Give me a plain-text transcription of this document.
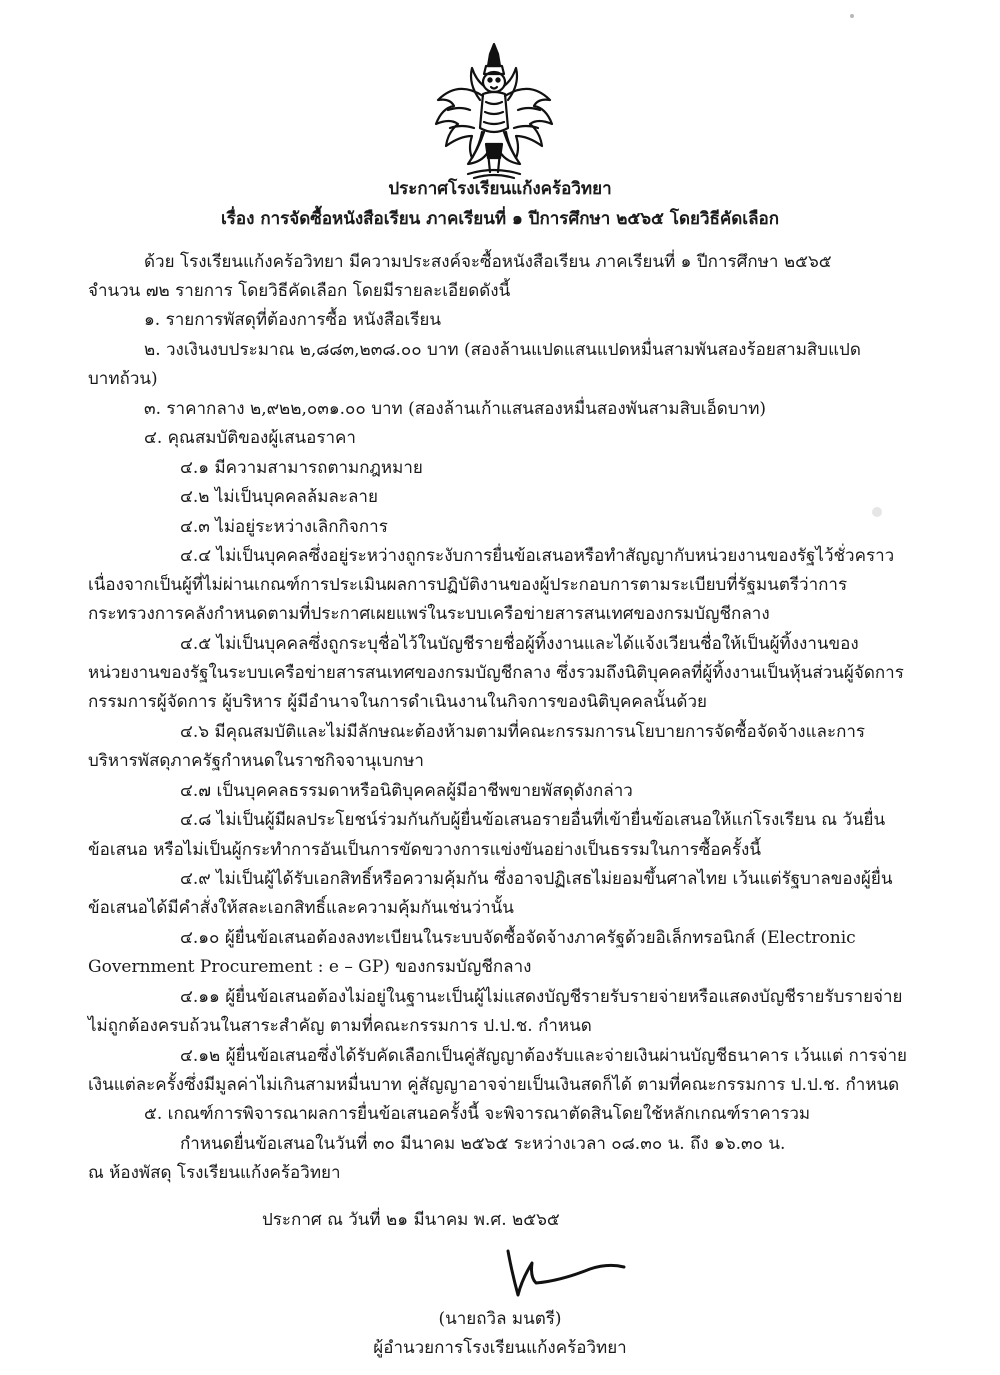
ประกาศโรงเรียนแก้งคร้อวิทยา
เรื่อง การจัดซื้อหนังสือเรียน ภาคเรียนที่ ๑ ปีการศึกษา ๒๕๖๕ โดยวิธีคัดเลือก
ด้วย โรงเรียนแก้งคร้อวิทยา มีความประสงค์จะซื้อหนังสือเรียน ภาคเรียนที่ ๑ ปีการศึกษา ๒๕๖๕
จำนวน ๗๒ รายการ โดยวิธีคัดเลือก โดยมีรายละเอียดดังนี้
๑. รายการพัสดุที่ต้องการซื้อ หนังสือเรียน
๒. วงเงินงบประมาณ ๒,๘๘๓,๒๓๘.๐๐ บาท (สองล้านแปดแสนแปดหมื่นสามพันสองร้อยสามสิบแปด
บาทถ้วน)
๓. ราคากลาง ๒,๙๒๒,๐๓๑.๐๐ บาท (สองล้านเก้าแสนสองหมื่นสองพันสามสิบเอ็ดบาท)
๔. คุณสมบัติของผู้เสนอราคา
๔.๑ มีความสามารถตามกฎหมาย
๔.๒ ไม่เป็นบุคคลล้มละลาย
๔.๓ ไม่อยู่ระหว่างเลิกกิจการ
๔.๔ ไม่เป็นบุคคลซึ่งอยู่ระหว่างถูกระงับการยื่นข้อเสนอหรือทำสัญญากับหน่วยงานของรัฐไว้ชั่วคราว
เนื่องจากเป็นผู้ที่ไม่ผ่านเกณฑ์การประเมินผลการปฏิบัติงานของผู้ประกอบการตามระเบียบที่รัฐมนตรีว่าการ
กระทรวงการคลังกำหนดตามที่ประกาศเผยแพร่ในระบบเครือข่ายสารสนเทศของกรมบัญชีกลาง
๔.๕ ไม่เป็นบุคคลซึ่งถูกระบุชื่อไว้ในบัญชีรายชื่อผู้ทิ้งงานและได้แจ้งเวียนชื่อให้เป็นผู้ทิ้งงานของ
หน่วยงานของรัฐในระบบเครือข่ายสารสนเทศของกรมบัญชีกลาง ซึ่งรวมถึงนิติบุคคลที่ผู้ทิ้งงานเป็นหุ้นส่วนผู้จัดการ
กรรมการผู้จัดการ ผู้บริหาร ผู้มีอำนาจในการดำเนินงานในกิจการของนิติบุคคลนั้นด้วย
๔.๖ มีคุณสมบัติและไม่มีลักษณะต้องห้ามตามที่คณะกรรมการนโยบายการจัดซื้อจัดจ้างและการ
บริหารพัสดุภาครัฐกำหนดในราชกิจจานุเบกษา
๔.๗ เป็นบุคคลธรรมดาหรือนิติบุคคลผู้มีอาชีพขายพัสดุดังกล่าว
๔.๘ ไม่เป็นผู้มีผลประโยชน์ร่วมกันกับผู้ยื่นข้อเสนอรายอื่นที่เข้ายื่นข้อเสนอให้แก่โรงเรียน ณ วันยื่น
ข้อเสนอ หรือไม่เป็นผู้กระทำการอันเป็นการขัดขวางการแข่งขันอย่างเป็นธรรมในการซื้อครั้งนี้
๔.๙ ไม่เป็นผู้ได้รับเอกสิทธิ์หรือความคุ้มกัน ซึ่งอาจปฏิเสธไม่ยอมขึ้นศาลไทย เว้นแต่รัฐบาลของผู้ยื่น
ข้อเสนอได้มีคำสั่งให้สละเอกสิทธิ์และความคุ้มกันเช่นว่านั้น
๔.๑๐ ผู้ยื่นข้อเสนอต้องลงทะเบียนในระบบจัดซื้อจัดจ้างภาครัฐด้วยอิเล็กทรอนิกส์ (Electronic
Government Procurement : e – GP) ของกรมบัญชีกลาง
๔.๑๑ ผู้ยื่นข้อเสนอต้องไม่อยู่ในฐานะเป็นผู้ไม่แสดงบัญชีรายรับรายจ่ายหรือแสดงบัญชีรายรับรายจ่าย
ไม่ถูกต้องครบถ้วนในสาระสำคัญ ตามที่คณะกรรมการ ป.ป.ช. กำหนด
๔.๑๒ ผู้ยื่นข้อเสนอซึ่งได้รับคัดเลือกเป็นคู่สัญญาต้องรับและจ่ายเงินผ่านบัญชีธนาคาร เว้นแต่ การจ่าย
เงินแต่ละครั้งซึ่งมีมูลค่าไม่เกินสามหมื่นบาท คู่สัญญาอาจจ่ายเป็นเงินสดก็ได้ ตามที่คณะกรรมการ ป.ป.ช. กำหนด
๕. เกณฑ์การพิจารณาผลการยื่นข้อเสนอครั้งนี้ จะพิจารณาตัดสินโดยใช้หลักเกณฑ์ราคารวม
กำหนดยื่นข้อเสนอในวันที่ ๓๐ มีนาคม ๒๕๖๕ ระหว่างเวลา ๐๘.๓๐ น. ถึง ๑๖.๓๐ น.
ณ ห้องพัสดุ โรงเรียนแก้งคร้อวิทยา
ประกาศ ณ วันที่ ๒๑ มีนาคม พ.ศ. ๒๕๖๕
(นายถวิล มนตรี)
ผู้อำนวยการโรงเรียนแก้งคร้อวิทยา
